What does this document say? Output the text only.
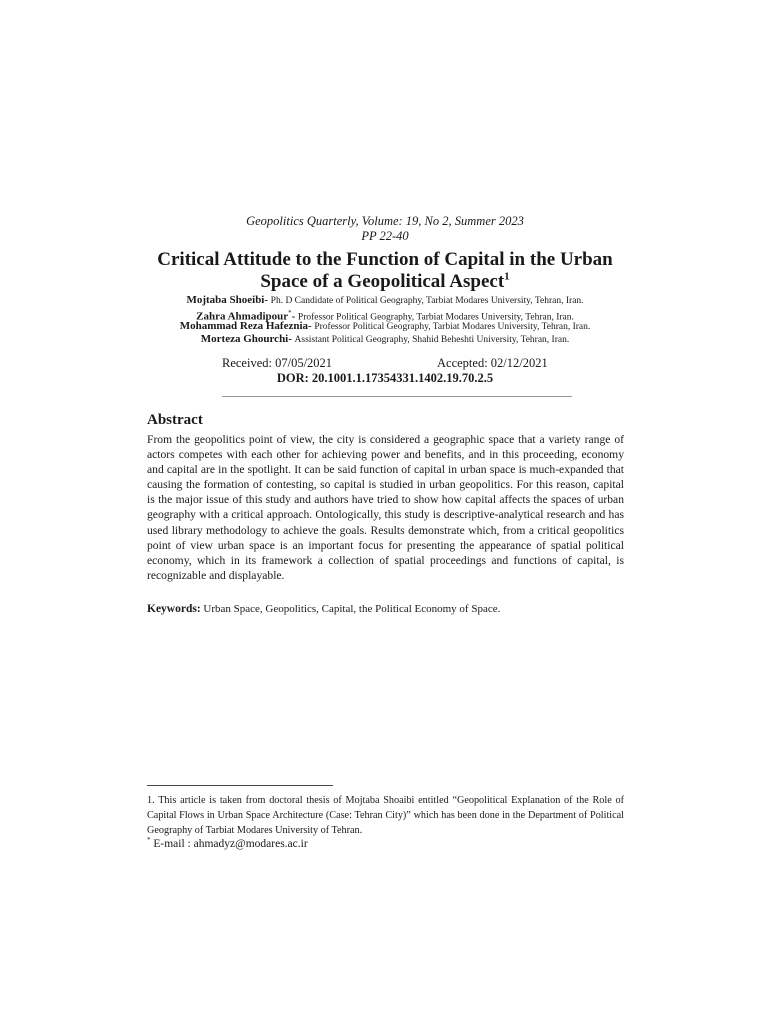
Geopolitics Quarterly, Volume: 19, No 2, Summer 2023
PP 22-40
Critical Attitude to the Function of Capital in the Urban
Space of a Geopolitical Aspect$^1$
Mojtaba Shoeibi- Ph. D Candidate of Political Geography, Tarbiat Modares University, Tehran, Iran.
Zahra Ahmadipour*- Professor Political Geography, Tarbiat Modares University, Tehran, Iran.
Mohammad Reza Hafeznia- Professor Political Geography, Tarbiat Modares University, Tehran, Iran.
Morteza Ghourchi- Assistant Political Geography, Shahid Beheshti University, Tehran, Iran.
Received: 07/05/2021	Accepted: 02/12/2021
DOR: 20.1001.1.17354331.1402.19.70.2.5
Abstract
From the geopolitics point of view, the city is considered a geographic space that a variety range of actors competes with each other for achieving power and benefits, and in this proceeding, economy and capital are in the spotlight. It can be said function of capital in urban space is much-expanded that causing the formation of contesting, so capital is studied in urban geopolitics. For this reason, capital is the major issue of this study and authors have tried to show how capital affects the spaces of urban geography with a critical approach. Ontologically, this study is descriptive-analytical research and has used library methodology to achieve the goals. Results demonstrate which, from a critical geopolitics point of view urban space is an important focus for presenting the appearance of spatial political economy, which in its framework a collection of spatial proceedings and functions of capital, is recognizable and displayable.
Keywords: Urban Space, Geopolitics, Capital, the Political Economy of Space.
1. This article is taken from doctoral thesis of Mojtaba Shoaibi entitled “Geopolitical Explanation of the Role of Capital Flows in Urban Space Architecture (Case: Tehran City)” which has been done in the Department of Political Geography of Tarbiat Modares University of Tehran.
* E-mail : ahmadyz@modares.ac.ir
